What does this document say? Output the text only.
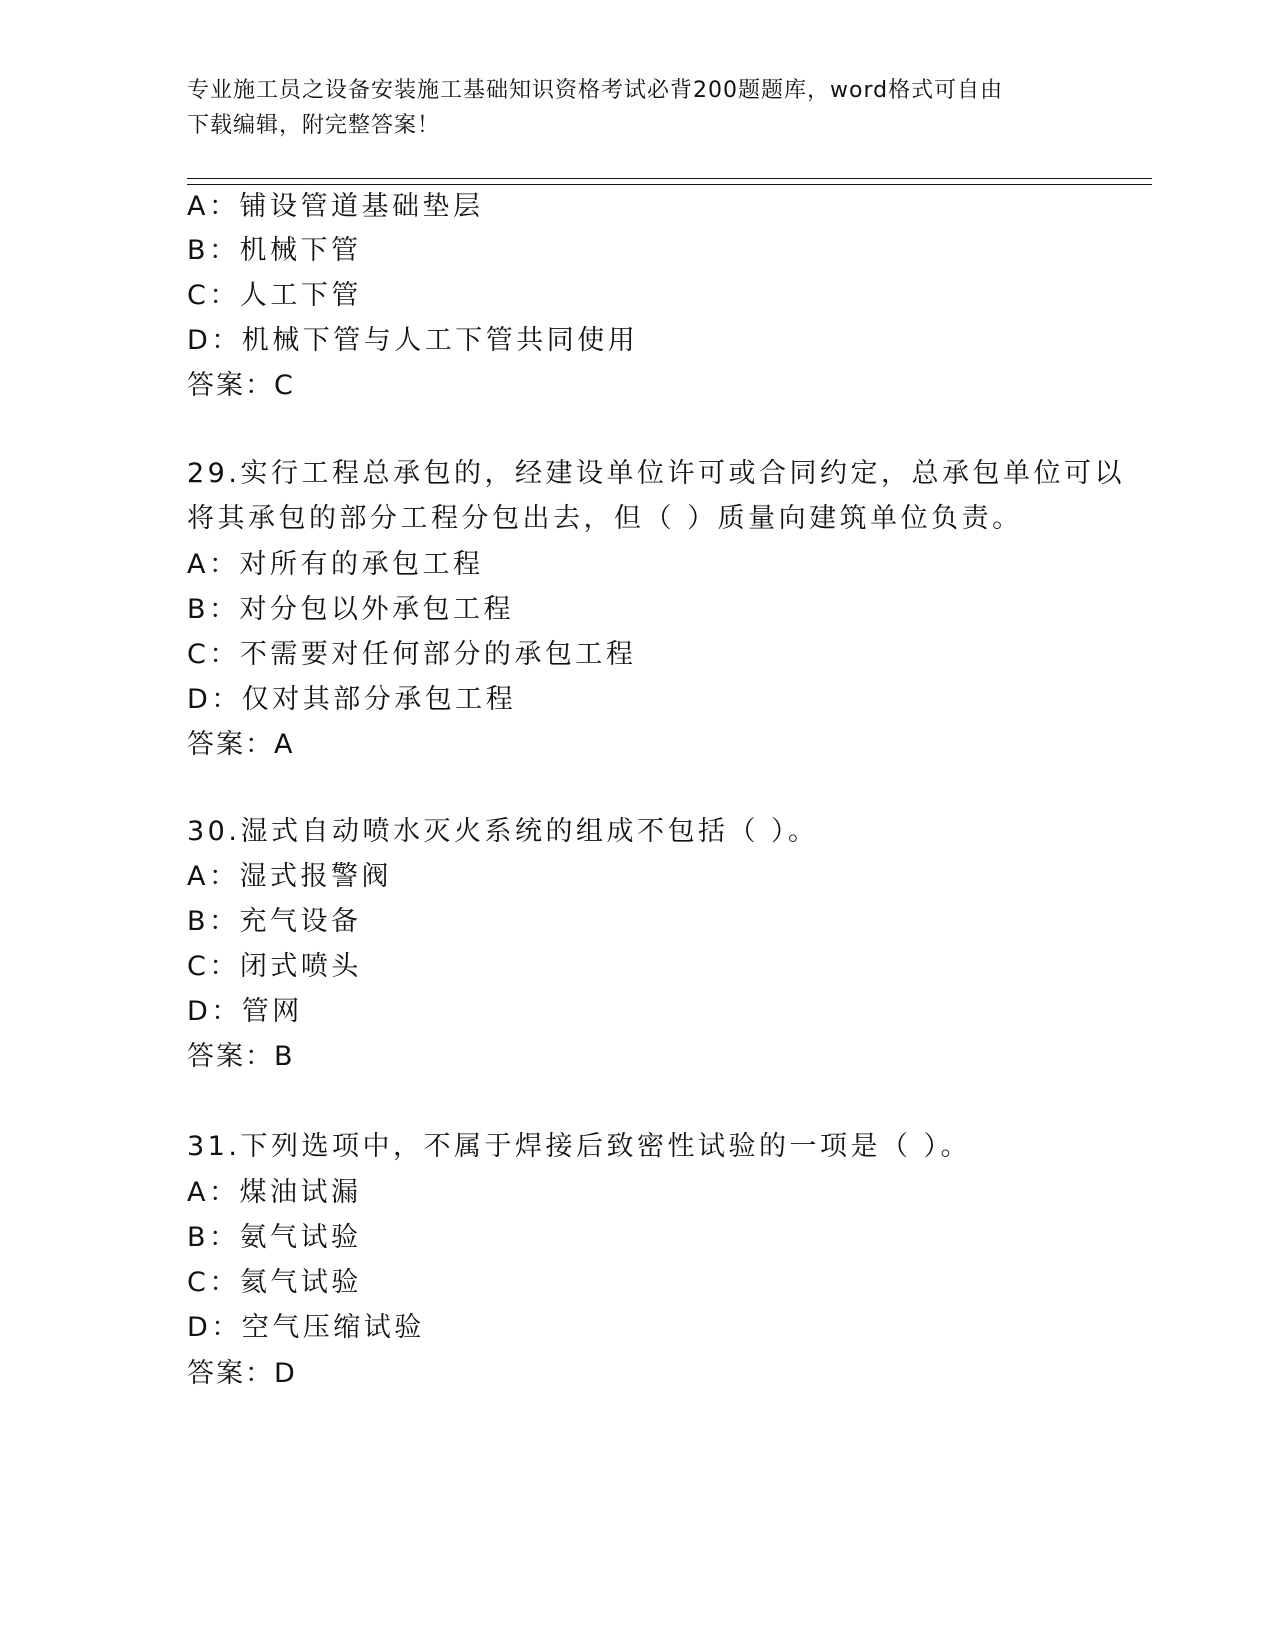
专业施工员之设备安装施工基础知识资格考试必背200题题库，word格式可自由
下载编辑，附完整答案！
A：铺设管道基础垫层
B：机械下管
C：人工下管
D：机械下管与人工下管共同使用
答案：C
29.实行工程总承包的，经建设单位许可或合同约定，总承包单位可以
将其承包的部分工程分包出去，但（ ）质量向建筑单位负责。
A：对所有的承包工程
B：对分包以外承包工程
C：不需要对任何部分的承包工程
D：仅对其部分承包工程
答案：A
30.湿式自动喷水灭火系统的组成不包括（ ）。
A：湿式报警阀
B：充气设备
C：闭式喷头
D：管网
答案：B
31.下列选项中，不属于焊接后致密性试验的一项是（ ）。
A：煤油试漏
B：氨气试验
C：氦气试验
D：空气压缩试验
答案：D
